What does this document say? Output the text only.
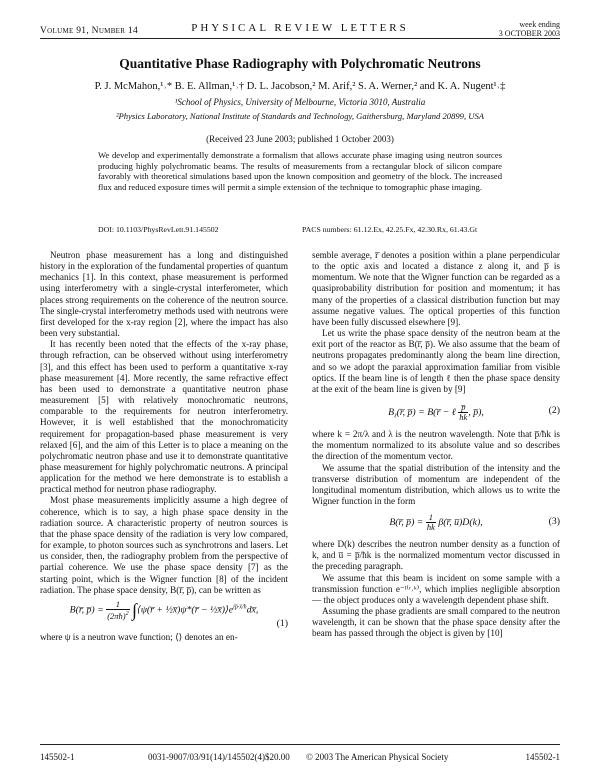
Volume 91, Number 14	PHYSICAL REVIEW LETTERS	week ending
3 OCTOBER 2003
Quantitative Phase Radiography with Polychromatic Neutrons
P. J. McMahon,¹˒* B. E. Allman,¹˒† D. L. Jacobson,² M. Arif,² S. A. Werner,² and K. A. Nugent¹˒‡
¹School of Physics, University of Melbourne, Victoria 3010, Australia
²Physics Laboratory, National Institute of Standards and Technology, Gaithersburg, Maryland 20899, USA
(Received 23 June 2003; published 1 October 2003)
We develop and experimentally demonstrate a formalism that allows accurate phase imaging using neutron sources producing highly polychromatic beams. The results of measurements from a rectangular block of silicon compare favorably with theoretical simulations based upon the known composition and geometry of the block. The increased flux and reduced exposure times will permit a simple extension of the technique to tomographic phase imaging.
DOI: 10.1103/PhysRevLett.91.145502	PACS numbers: 61.12.Ex, 42.25.Fx, 42.30.Rx, 61.43.Gt

Neutron phase measurement has a long and distinguished history in the exploration of the fundamental properties of quantum mechanics [1]. In this context, phase measurement is performed using interferometry with a single-crystal interferometer, which places strong requirements on the coherence of the neutron source. The single-crystal interferometry methods used with neutrons were first developed for the x-ray region [2], where the impact has also been very substantial.

It has recently been noted that the effects of the x-ray phase, through refraction, can be observed without using interferometry [3], and this effect has been used to perform a quantitative x-ray phase measurement [4]. More recently, the same refractive effect has been used to demonstrate a quantitative neutron phase measurement [5] with relatively monochromatic neutrons, comparable to the requirements for neutron interferometry. However, it is well established that the monochromaticity requirement for propagation-based phase measurement is very relaxed [6], and the aim of this Letter is to place a meaning on the polychromatic neutron phase and use it to demonstrate quantitative phase measurement for highly polychromatic neutrons. A principal application for the method we here demonstrate is to establish a practical method for neutron phase radiography.

Most phase measurements implicitly assume a high degree of coherence, which is to say, a high phase space density in the radiation source. A characteristic property of neutron sources is that the phase space density of the radiation is very low compared, for example, to photon sources such as synchrotrons and lasers. Let us consider, then, the radiography problem from the perspective of partial coherence. We use the phase space density [7] as the starting point, which is the Wigner function [8] of the incident radiation. The phase space density, B(r̅, p̅), can be written as

B(r̅, p̅) = $\frac{1}{(2\pi ħ)^2}$ ∫⟨ψ(r̅ + ½x̅)ψ*(r̅ − $\frac{1}{2}x̅)⟩e^{ip̅\cdot x̅/ħ}dx̅$,
(1)

where ψ is a neutron wave function; ⟨⟩ denotes an en-

semble average, r̅ denotes a position within a plane perpendicular to the optic axis and located a distance z along it, and p̅ is momentum. We note that the Wigner function can be regarded as a quasiprobability distribution for position and momentum; it has many of the properties of a classical distribution function but may assume negative values. The optical properties of this function have been fully discussed elsewhere [9].

Let us write the phase space density of the neutron beam at the exit port of the reactor as B(r̅, p̅). We also assume that the beam of neutrons propagates predominantly along the beam line direction, and so we adopt the paraxial approximation familiar from visible optics. If the beam line is of length ℓ then the phase space density at the exit of the beam line is given by [9]

$B_\ell(r̅$, p̅) = B(r̅ − ℓ $\frac{p̅}{ħk}$ , p̅),	(2)

where k = 2π/λ and λ is the neutron wavelength. Note that p̅/ħk is the momentum normalized to its absolute value and so describes the direction of the momentum vector.

We assume that the spatial distribution of the intensity and the transverse distribution of momentum are independent of the longitudinal momentum distribution, which allows us to write the Wigner function in the form

B(r̅, p̅) = $\frac{1}{ħk}$ β(r̅, u̅)D(k),	(3)

where D(k) describes the neutron number density as a function of k, and u̅ = p̅/ħk is the normalized momentum vector discussed in the preceding paragraph.

We assume that this beam is incident on some sample with a transmission function e⁻ᴵ⁽ʳ˒ᵏ⁾, which implies negligible absorption — the object produces only a wavelength dependent phase shift.

Assuming the phase gradients are small compared to the neutron wavelength, it can be shown that the phase space density after the beam has passed through the object is given by [10]

145502-1	0031-9007/03/91(14)/145502(4)$20.00 © 2003 The American Physical Society	145502-1
